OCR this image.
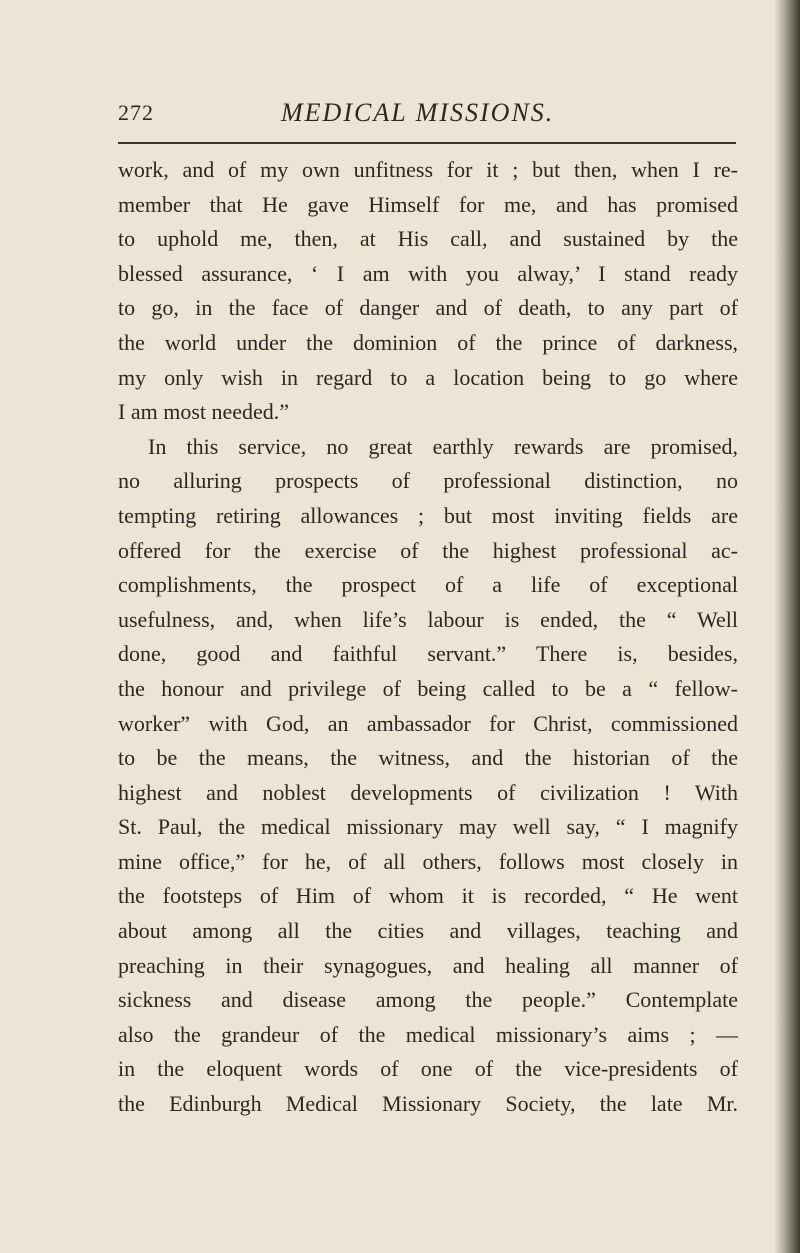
272	MEDICAL MISSIONS.
work, and of my own unfitness for it ; but then, when I re-
member that He gave Himself for me, and has promised
to uphold me, then, at His call, and sustained by the
blessed assurance, ‘ I am with you alway,’ I stand ready
to go, in the face of danger and of death, to any part of
the world under the dominion of the prince of darkness,
my only wish in regard to a location being to go where
I am most needed.”
In this service, no great earthly rewards are promised,
no alluring prospects of professional distinction, no
tempting retiring allowances ; but most inviting fields are
offered for the exercise of the highest professional ac-
complishments, the prospect of a life of exceptional
usefulness, and, when life’s labour is ended, the “ Well
done, good and faithful servant.” There is, besides,
the honour and privilege of being called to be a “ fellow-
worker” with God, an ambassador for Christ, commissioned
to be the means, the witness, and the historian of the
highest and noblest developments of civilization ! With
St. Paul, the medical missionary may well say, “ I magnify
mine office,” for he, of all others, follows most closely in
the footsteps of Him of whom it is recorded, “ He went
about among all the cities and villages, teaching and
preaching in their synagogues, and healing all manner of
sickness and disease among the people.” Contemplate
also the grandeur of the medical missionary’s aims ; —
in the eloquent words of one of the vice-presidents of
the Edinburgh Medical Missionary Society, the late Mr.
